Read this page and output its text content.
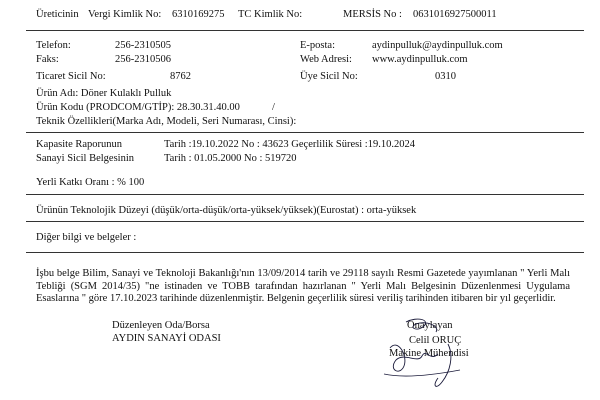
Üreticinin Vergi Kimlik No: 6310169275 TC Kimlik No:	MERSİS No : 0631016927500011
Telefon:	256-2310505	E-posta:	aydinpulluk@aydinpulluk.com
Faks:	256-2310506	Web Adresi: www.aydinpulluk.com
Ticaret Sicil No:	8762	Üye Sicil No:	0310
Ürün Adı: Döner Kulaklı Pulluk
Ürün Kodu (PRODCOM/GTİP): 28.30.31.40.00	/
Teknik Özellikleri(Marka Adı, Modeli, Seri Numarası, Cinsi):
Kapasite Raporunun	Tarih :19.10.2022 No : 43623 Geçerlilik Süresi :19.10.2024
Sanayi Sicil Belgesinin	Tarih : 01.05.2000 No : 519720
Yerli Katkı Oranı : % 100
Ürünün Teknolojik Düzeyi (düşük/orta-düşük/orta-yüksek/yüksek)(Eurostat) : orta-yüksek
Diğer bilgi ve belgeler :
İşbu belge Bilim, Sanayi ve Teknoloji Bakanlığı'nın 13/09/2014 tarih ve 29118 sayılı Resmi Gazetede yayımlanan " Yerli Malı Tebliği (SGM 2014/35) "ne istinaden ve TOBB tarafından hazırlanan " Yerli Malı Belgesinin Düzenlenmesi Uygulama Esaslarına " göre 17.10.2023 tarihinde düzenlenmiştir. Belgenin geçerlilik süresi veriliş tarihinden itibaren bir yıl geçerlidir.
Düzenleyen Oda/Borsa
AYDIN SANAYİ ODASI
Onaylayan
Celil ORUÇ
Makine Mühendisi
